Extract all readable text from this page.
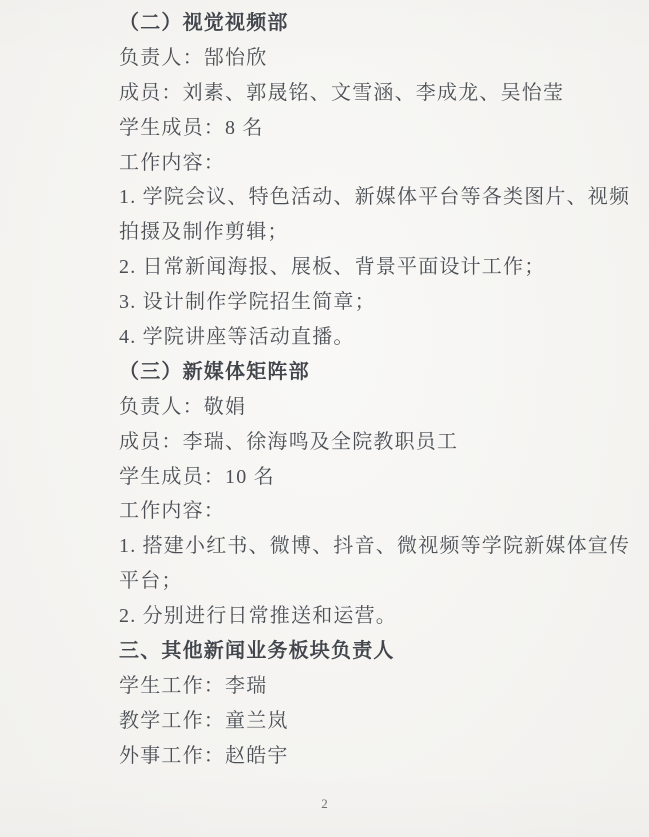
（二）视觉视频部
负责人：郜怡欣
成员：刘素、郭晟铭、文雪涵、李成龙、吴怡莹
学生成员：8 名
工作内容：
1. 学院会议、特色活动、新媒体平台等各类图片、视频
拍摄及制作剪辑；
2. 日常新闻海报、展板、背景平面设计工作；
3. 设计制作学院招生简章；
4. 学院讲座等活动直播。
（三）新媒体矩阵部
负责人：敬娟
成员：李瑞、徐海鸣及全院教职员工
学生成员：10 名
工作内容：
1. 搭建小红书、微博、抖音、微视频等学院新媒体宣传
平台；
2. 分别进行日常推送和运营。
三、其他新闻业务板块负责人
学生工作：李瑞
教学工作：童兰岚
外事工作：赵皓宇
2
